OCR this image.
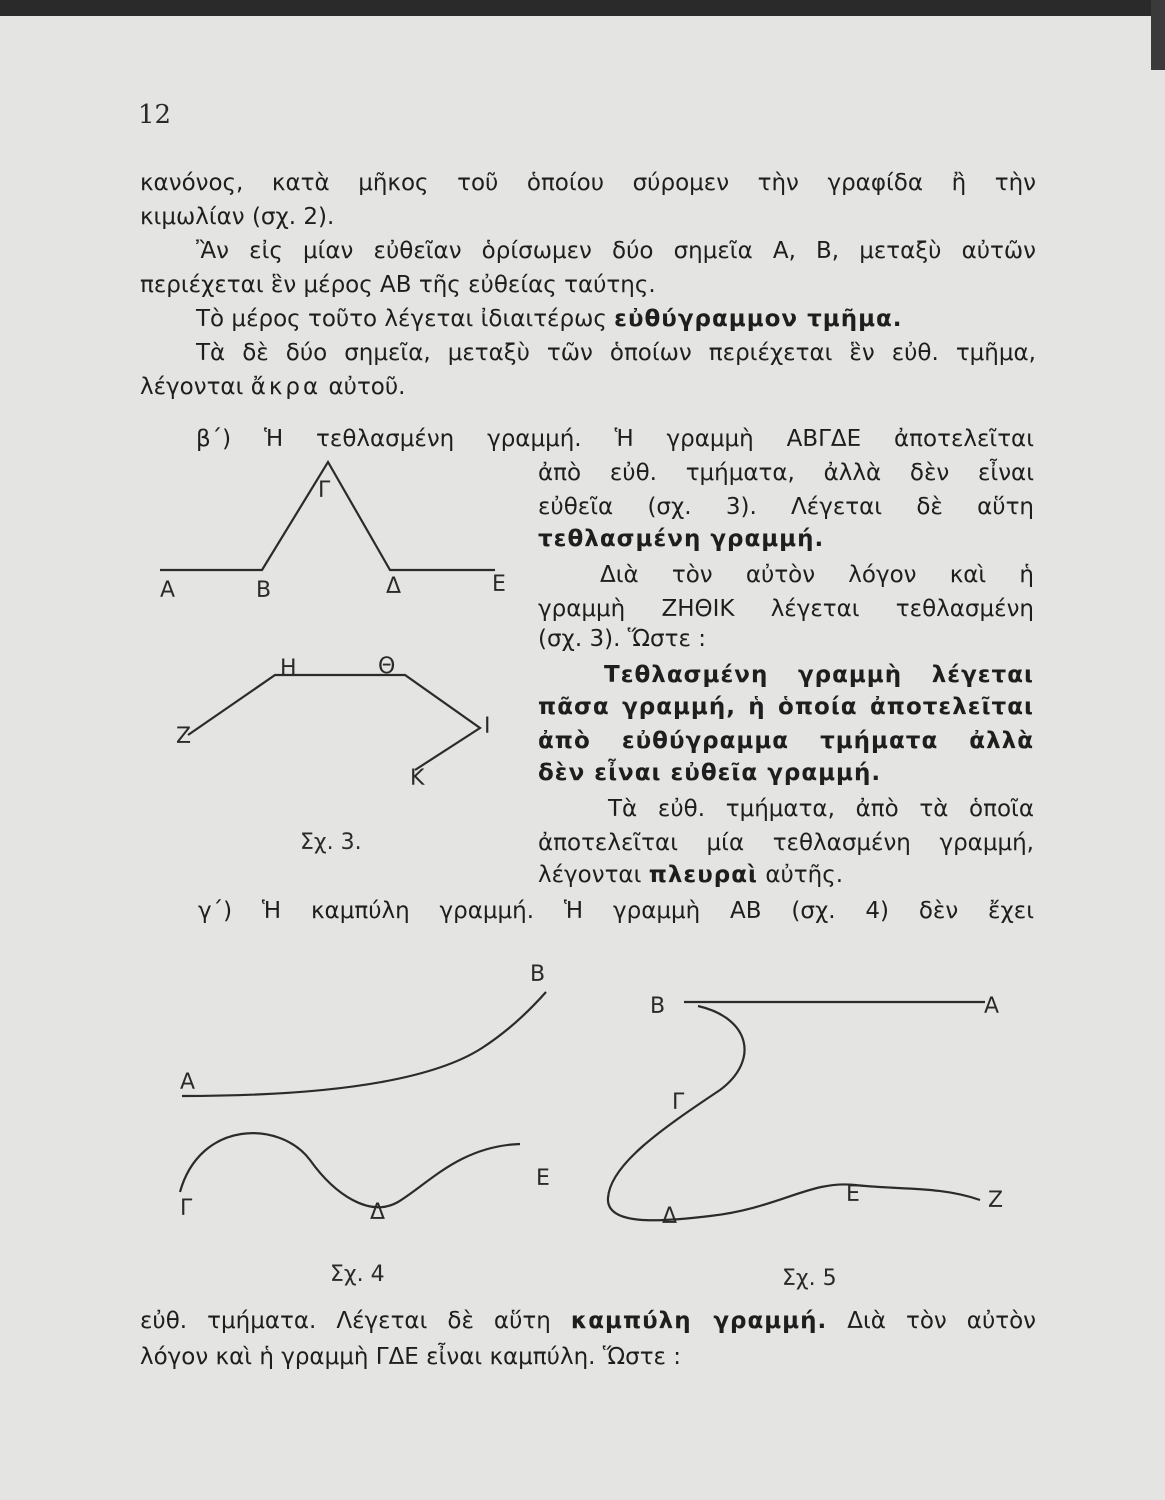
12
κανόνος, κατὰ μῆκος τοῦ ὁποίου σύρομεν τὴν γραφίδα ἢ τὴν
κιμωλίαν (σχ. 2).
Ἂν εἰς μίαν εὐθεῖαν ὁρίσωμεν δύο σημεῖα Α, Β, μεταξὺ αὐτῶν
περιέχεται ἓν μέρος ΑΒ τῆς εὐθείας ταύτης.
Τὸ μέρος τοῦτο λέγεται ἰδιαιτέρως εὐθύγραμμον τμῆμα.
Τὰ δὲ δύο σημεῖα, μεταξὺ τῶν ὁποίων περιέχεται ἓν εὐθ. τμῆμα,
λέγονται ἄκρα αὐτοῦ.
β΄) Ἡ τεθλασμένη γραμμή. Ἡ γραμμὴ ΑΒΓΔΕ ἀποτελεῖται
ἀπὸ εὐθ. τμήματα, ἀλλὰ δὲν εἶναι
εὐθεῖα (σχ. 3). Λέγεται δὲ αὕτη
τεθλασμένη γραμμή.
Διὰ τὸν αὐτὸν λόγον καὶ ἡ
γραμμὴ ΖΗΘΙΚ λέγεται τεθλασμένη
(σχ. 3). Ὥστε :
Τεθλασμένη γραμμὴ λέγεται
πᾶσα γραμμή, ἡ ὁποία ἀποτελεῖται
ἀπὸ εὐθύγραμμα τμήματα ἀλλὰ
δὲν εἶναι εὐθεῖα γραμμή.
Τὰ εὐθ. τμήματα, ἀπὸ τὰ ὁποῖα
ἀποτελεῖται μία τεθλασμένη γραμμή,
λέγονται πλευραὶ αὐτῆς.
γ΄) Ἡ καμπύλη γραμμή. Ἡ γραμμὴ ΑΒ (σχ. 4) δὲν ἔχει
εὐθ. τμήματα. Λέγεται δὲ αὕτη καμπύλη γραμμή. Διὰ τὸν αὐτὸν
λόγον καὶ ἡ γραμμὴ ΓΔΕ εἶναι καμπύλη. Ὥστε :
Α	Β
Γ
Δ	Ε
Ζ
Η	Θ
Ι
Κ
Σχ. 3.
Α
Β
Γ	Δ
Ε
Σχ. 4
Β	Α
Γ
Δ
Ε	Ζ
Σχ. 5
